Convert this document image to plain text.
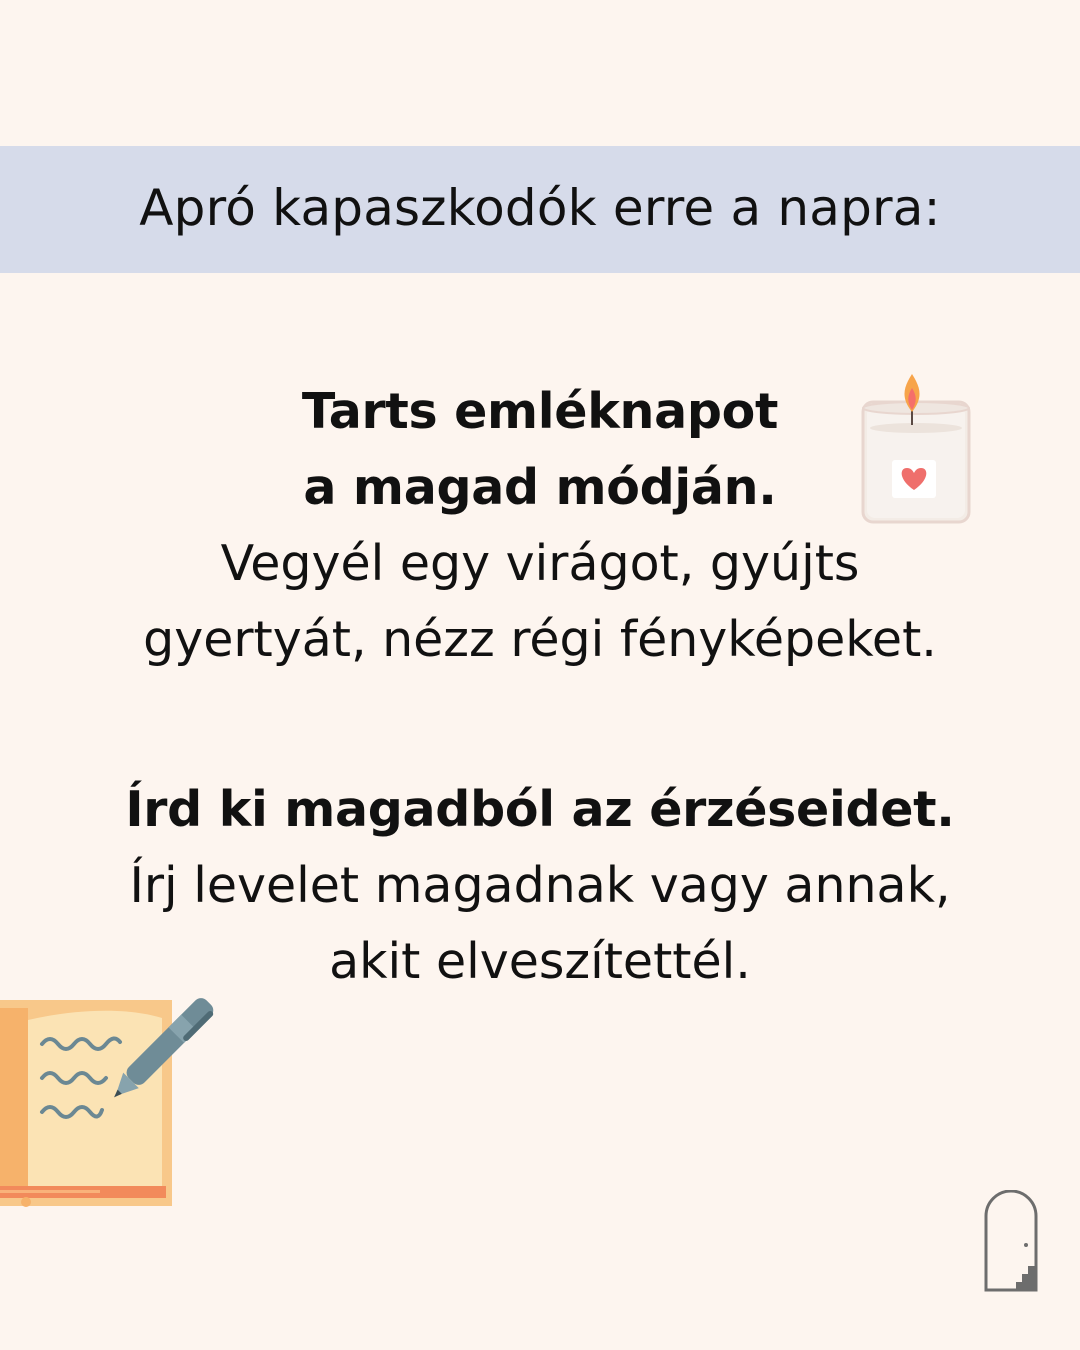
Apró kapaszkodók erre a napra:
Tarts emléknapot
a magad módján.
Vegyél egy virágot, gyújts
gyertyát, nézz régi fényképeket.
Írd ki magadból az érzéseidet.
Írj levelet magadnak vagy annak,
akit elveszítettél.
